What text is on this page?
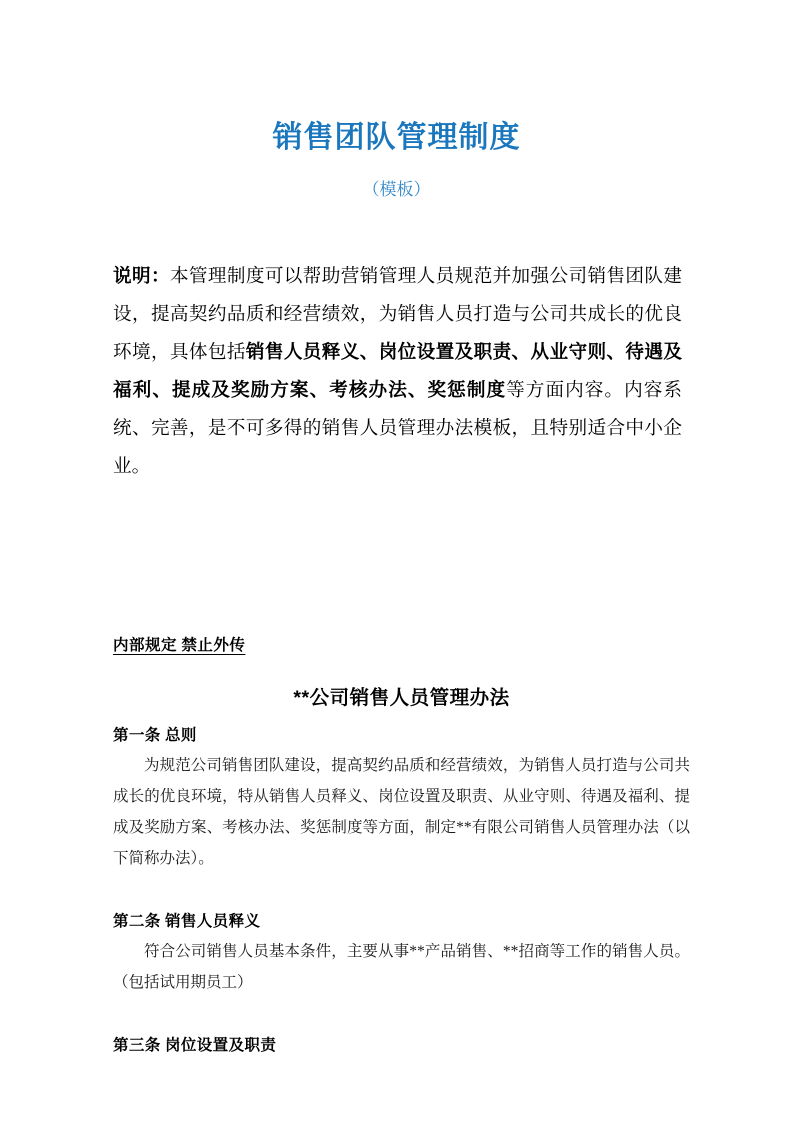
销售团队管理制度
（模板）

说明：本管理制度可以帮助营销管理人员规范并加强公司销售团队建设，提高契约品质和经营绩效，为销售人员打造与公司共成长的优良环境，具体包括销售人员释义、岗位设置及职责、从业守则、待遇及福利、提成及奖励方案、考核办法、奖惩制度等方面内容。内容系统、完善，是不可多得的销售人员管理办法模板，且特别适合中小企业。

内部规定 禁止外传
**公司销售人员管理办法
第一条 总则
为规范公司销售团队建设，提高契约品质和经营绩效，为销售人员打造与公司共成长的优良环境，特从销售人员释义、岗位设置及职责、从业守则、待遇及福利、提成及奖励方案、考核办法、奖惩制度等方面，制定**有限公司销售人员管理办法（以下简称办法）。
第二条 销售人员释义
符合公司销售人员基本条件，主要从事**产品销售、**招商等工作的销售人员。（包括试用期员工）
第三条 岗位设置及职责
